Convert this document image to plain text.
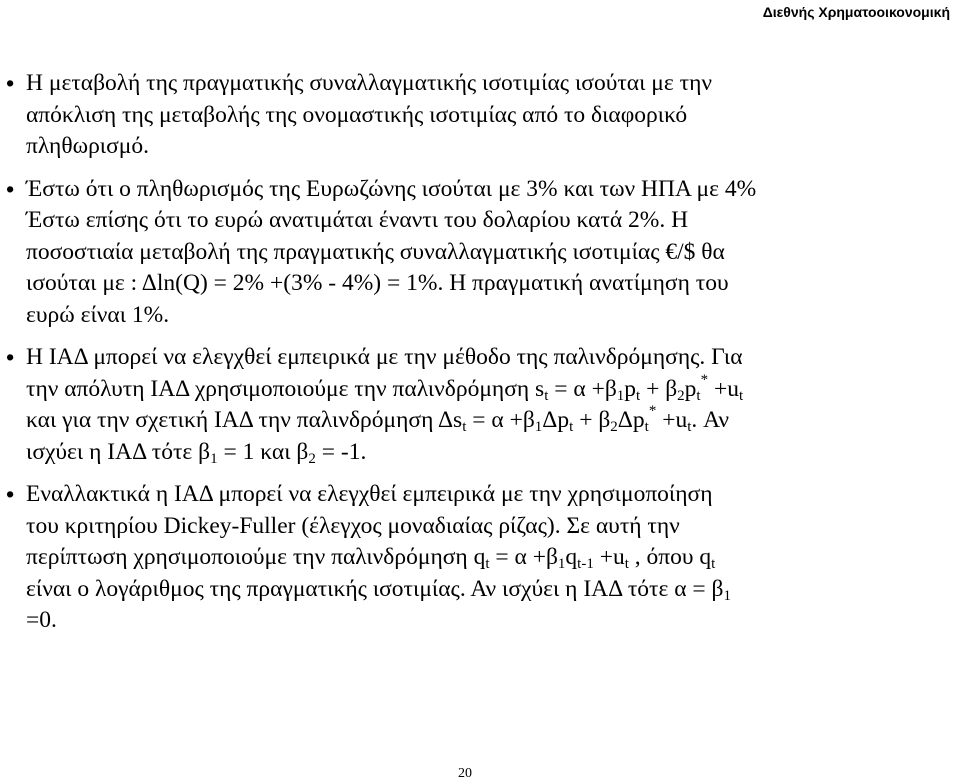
Διεθνής Χρηματοοικονομική
• Η μεταβολή της πραγματικής συναλλαγματικής ισοτιμίας ισούται με την
απόκλιση της μεταβολής της ονομαστικής ισοτιμίας από το διαφορικό
πληθωρισμό.
• Έστω ότι ο πληθωρισμός της Ευρωζώνης ισούται με 3% και των ΗΠΑ με 4%
Έστω επίσης ότι το ευρώ ανατιμάται έναντι του δολαρίου κατά 2%. Η
ποσοστιαία μεταβολή της πραγματικής συναλλαγματικής ισοτιμίας €/$ θα
ισούται με : Δln(Q) = 2% +(3% - 4%) = 1%. Η πραγματική ανατίμηση του
ευρώ είναι 1%.
• Η ΙΑΔ μπορεί να ελεγχθεί εμπειρικά με την μέθοδο της παλινδρόμησης. Για
την απόλυτη ΙΑΔ χρησιμοποιούμε την παλινδρόμηση $s_t = \alpha +\beta_1p_t + \beta_2p_t^* +u_t$
και για την σχετική ΙΑΔ την παλινδρόμηση $\Delta s_t = \alpha +\beta_1\Delta p_t + \beta_2\Delta p_t^* +u_t$. Αν
ισχύει η ΙΑΔ τότε $\beta_1 = 1$ και $\beta_2 = -1$.
• Εναλλακτικά η ΙΑΔ μπορεί να ελεγχθεί εμπειρικά με την χρησιμοποίηση
του κριτηρίου Dickey-Fuller (έλεγχος μοναδιαίας ρίζας). Σε αυτή την
περίπτωση χρησιμοποιούμε την παλινδρόμηση $q_t = \alpha +\beta_1q_{t-1} +u_t$ , όπου $q_t$
είναι ο λογάριθμος της πραγματικής ισοτιμίας. Αν ισχύει η ΙΑΔ τότε $\alpha = \beta_1$
=0.
20
